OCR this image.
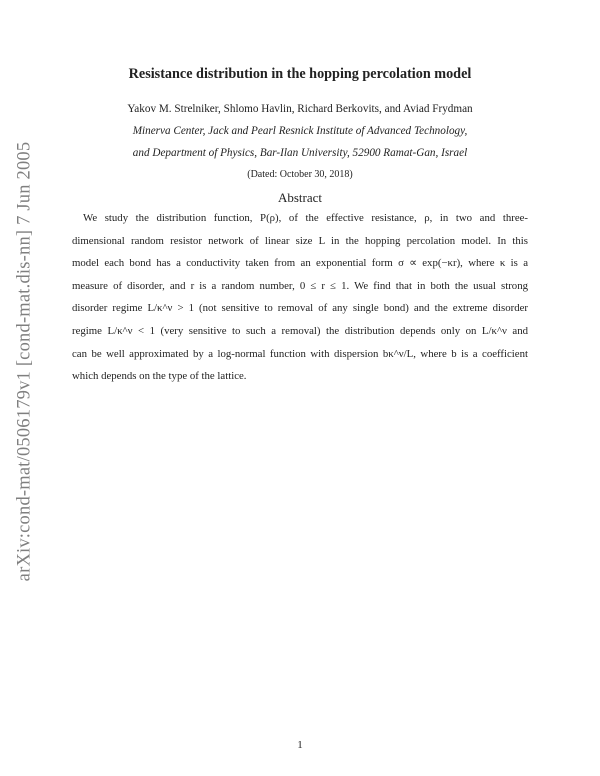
arXiv:cond-mat/0506179v1 [cond-mat.dis-nn] 7 Jun 2005
Resistance distribution in the hopping percolation model
Yakov M. Strelniker, Shlomo Havlin, Richard Berkovits, and Aviad Frydman
Minerva Center, Jack and Pearl Resnick Institute of Advanced Technology,
and Department of Physics, Bar-Ilan University, 52900 Ramat-Gan, Israel
(Dated: October 30, 2018)
Abstract
We study the distribution function, P(ρ), of the effective resistance, ρ, in two and three-
dimensional random resistor network of linear size L in the hopping percolation model. In this
model each bond has a conductivity taken from an exponential form σ ∝ exp(−κr), where κ is a
measure of disorder, and r is a random number, 0 ≤ r ≤ 1. We find that in both the usual strong
disorder regime L/κ^ν > 1 (not sensitive to removal of any single bond) and the extreme disorder
regime L/κ^ν < 1 (very sensitive to such a removal) the distribution depends only on L/κ^ν and
can be well approximated by a log-normal function with dispersion bκ^ν/L, where b is a coefficient
which depends on the type of the lattice.
1
